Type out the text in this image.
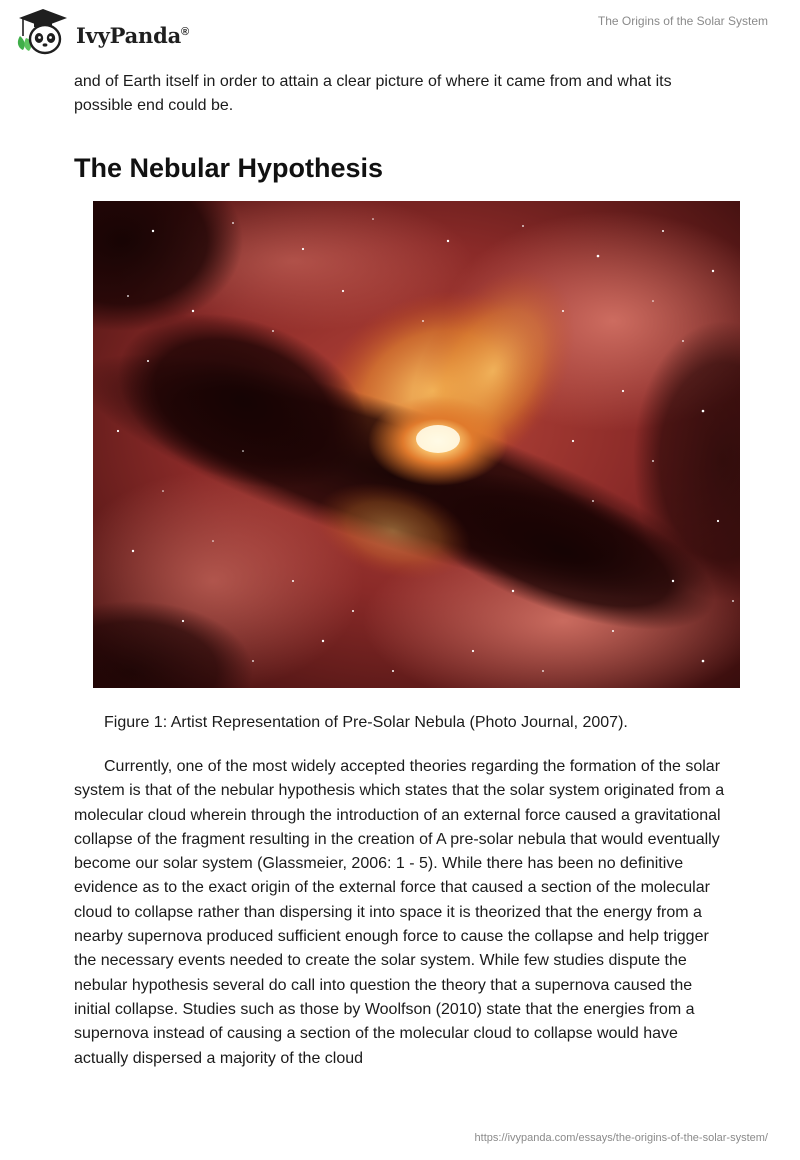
IvyPanda®
The Origins of the Solar System

and of Earth itself in order to attain a clear picture of where it came from and what its possible end could be.

The Nebular Hypothesis
Figure 1: Artist Representation of Pre-Solar Nebula (Photo Journal, 2007).

Currently, one of the most widely accepted theories regarding the formation of the solar system is that of the nebular hypothesis which states that the solar system originated from a molecular cloud wherein through the introduction of an external force caused a gravitational collapse of the fragment resulting in the creation of A pre-solar nebula that would eventually become our solar system (Glassmeier, 2006: 1 - 5). While there has been no definitive evidence as to the exact origin of the external force that caused a section of the molecular cloud to collapse rather than dispersing it into space it is theorized that the energy from a nearby supernova produced sufficient enough force to cause the collapse and help trigger the necessary events needed to create the solar system. While few studies dispute the nebular hypothesis several do call into question the theory that a supernova caused the initial collapse. Studies such as those by Woolfson (2010) state that the energies from a supernova instead of causing a section of the molecular cloud to collapse would have actually dispersed a majority of the cloud

https://ivypanda.com/essays/the-origins-of-the-solar-system/
